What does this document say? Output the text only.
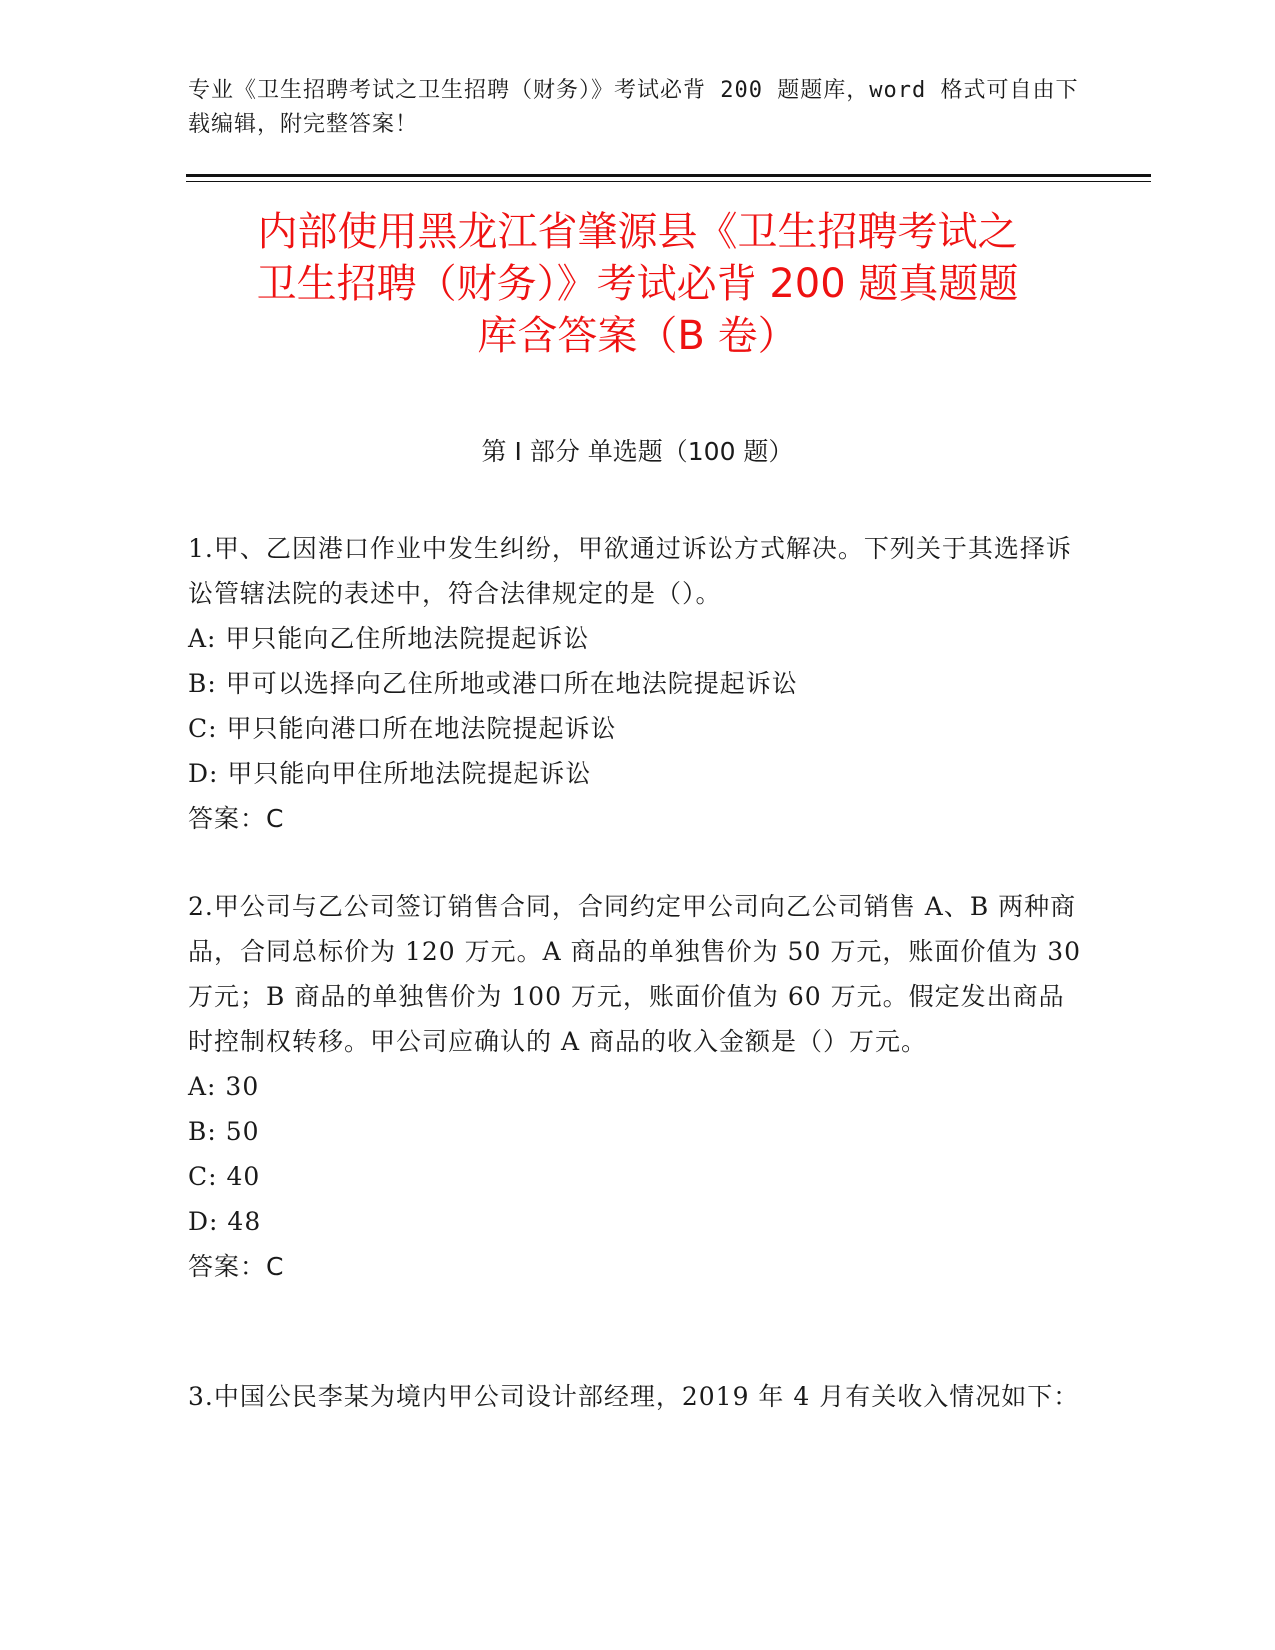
专业《卫生招聘考试之卫生招聘（财务）》考试必背 200 题题库，word 格式可自由下载编辑，附完整答案！
内部使用黑龙江省肇源县《卫生招聘考试之
卫生招聘（财务）》考试必背 200 题真题题
库含答案（B 卷）
第 I 部分 单选题（100 题）
1.甲、乙因港口作业中发生纠纷，甲欲通过诉讼方式解决。下列关于其选择诉讼管辖法院的表述中，符合法律规定的是（）。
A: 甲只能向乙住所地法院提起诉讼
B: 甲可以选择向乙住所地或港口所在地法院提起诉讼
C: 甲只能向港口所在地法院提起诉讼
D: 甲只能向甲住所地法院提起诉讼
答案：C
2.甲公司与乙公司签订销售合同，合同约定甲公司向乙公司销售 A、B 两种商品，合同总标价为 120 万元。A 商品的单独售价为 50 万元，账面价值为 30 万元；B 商品的单独售价为 100 万元，账面价值为 60 万元。假定发出商品时控制权转移。甲公司应确认的 A 商品的收入金额是（）万元。
A: 30
B: 50
C: 40
D: 48
答案：C
3.中国公民李某为境内甲公司设计部经理，2019 年 4 月有关收入情况如下：
